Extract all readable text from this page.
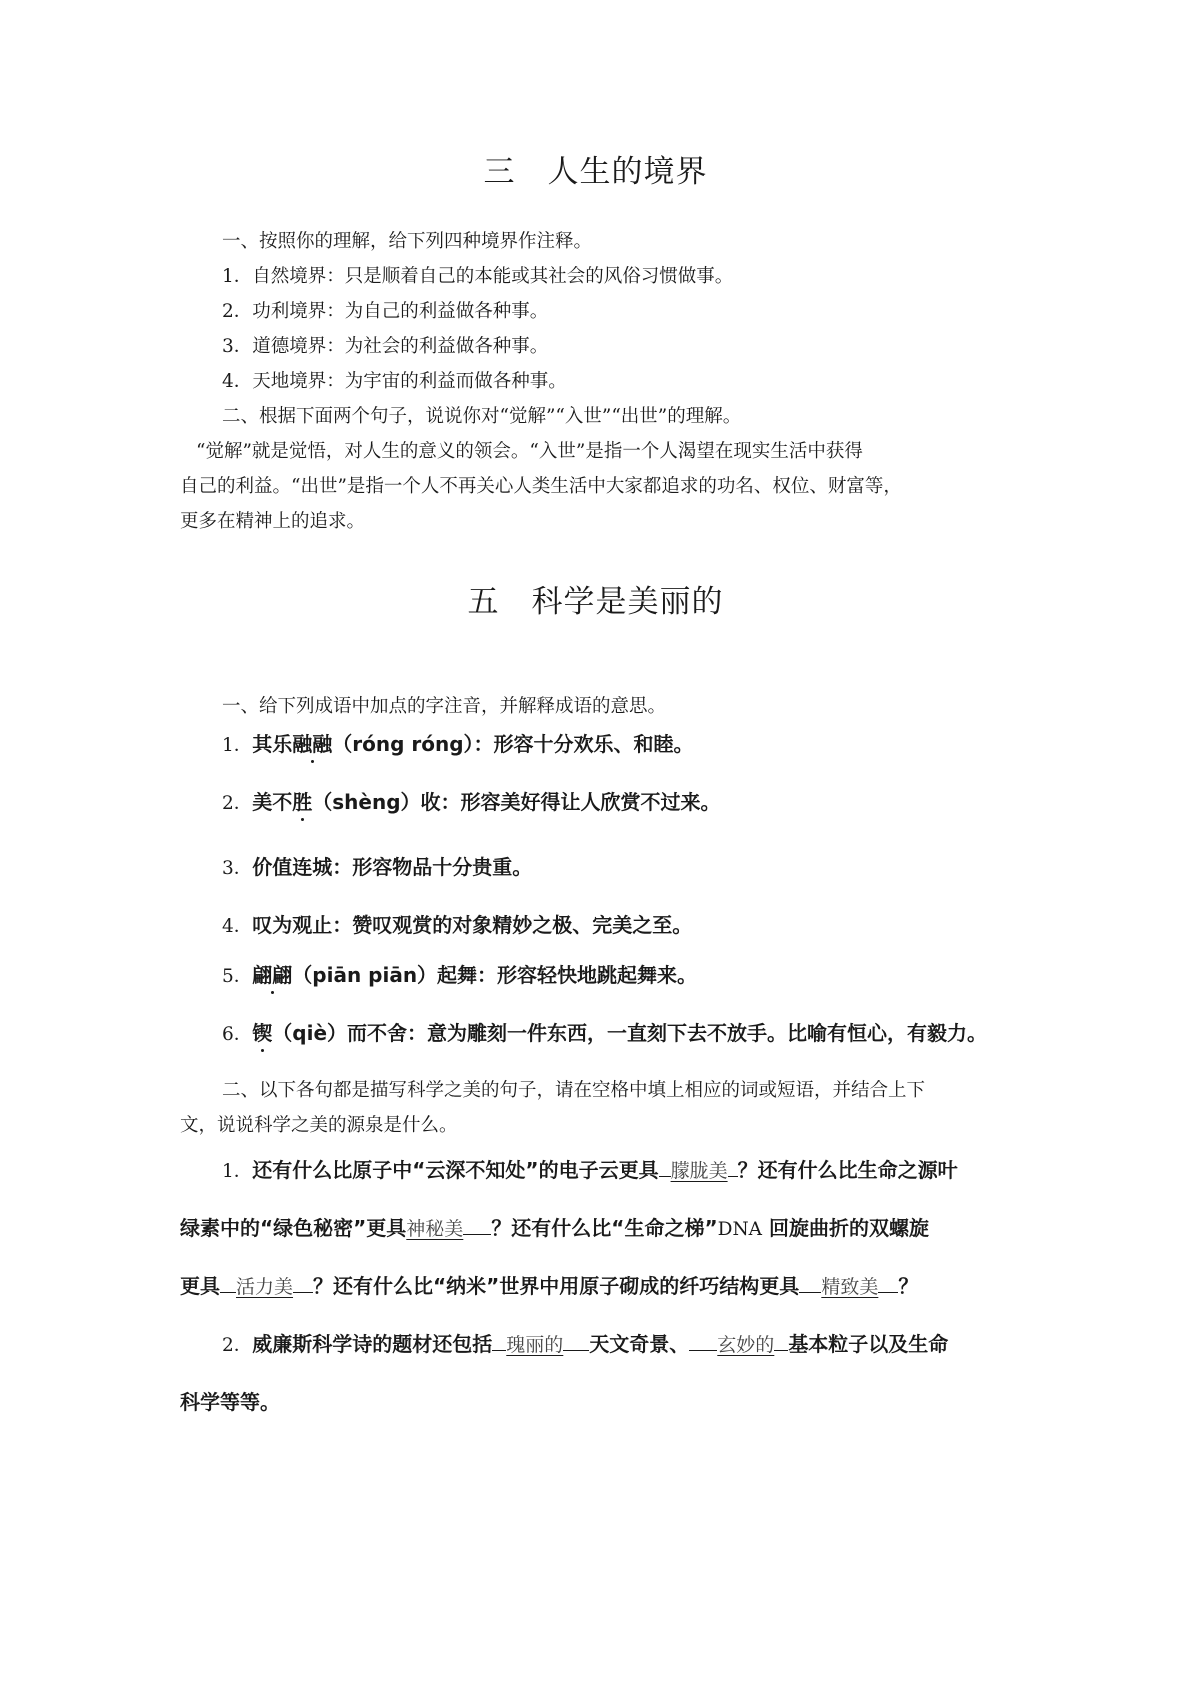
三　人生的境界
一、按照你的理解，给下列四种境界作注释。
1．自然境界：只是顺着自己的本能或其社会的风俗习惯做事。
2．功利境界：为自己的利益做各种事。
3．道德境界：为社会的利益做各种事。
4．天地境界：为宇宙的利益而做各种事。
二、根据下面两个句子，说说你对“觉解”“入世”“出世”的理解。
“觉解”就是觉悟，对人生的意义的领会。“入世”是指一个人渴望在现实生活中获得
自己的利益。“出世”是指一个人不再关心人类生活中大家都追求的功名、权位、财富等，
更多在精神上的追求。
五　科学是美丽的
一、给下列成语中加点的字注音，并解释成语的意思。
1．其乐融融（róng róng）：形容十分欢乐、和睦。
2．美不胜（shèng）收：形容美好得让人欣赏不过来。
3．价值连城：形容物品十分贵重。
4．叹为观止：赞叹观赏的对象精妙之极、完美之至。
5．翩翩（piān piān）起舞：形容轻快地跳起舞来。
6．锲（qiè）而不舍：意为雕刻一件东西，一直刻下去不放手。比喻有恒心，有毅力。
二、以下各句都是描写科学之美的句子，请在空格中填上相应的词或短语，并结合上下
文，说说科学之美的源泉是什么。
1．还有什么比原子中“云深不知处”的电子云更具 朦胧美 ？还有什么比生命之源叶
绿素中的“绿色秘密”更具神秘美 ？还有什么比“生命之梯”DNA 回旋曲折的双螺旋
更具 活力美 ？还有什么比“纳米”世界中用原子砌成的纤巧结构更具 精致美 ？
2．威廉斯科学诗的题材还包括 瑰丽的 天文奇景、 玄妙的 基本粒子以及生命
科学等等。
